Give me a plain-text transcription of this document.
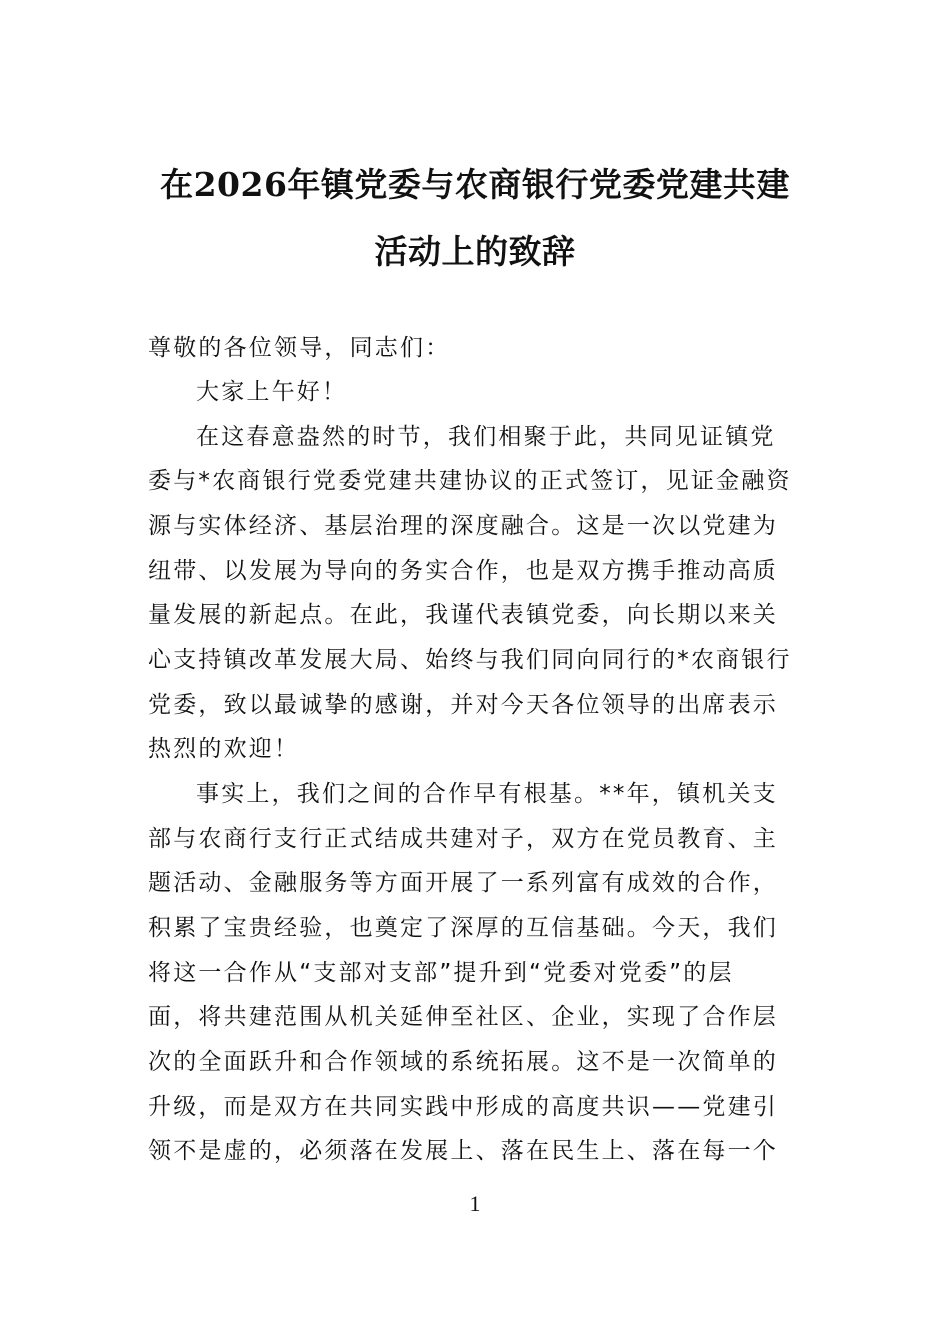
在2026年镇党委与农商银行党委党建共建
活动上的致辞
尊敬的各位领导，同志们：
大家上午好！
在这春意盎然的时节，我们相聚于此，共同见证镇党
委与*农商银行党委党建共建协议的正式签订，见证金融资
源与实体经济、基层治理的深度融合。这是一次以党建为
纽带、以发展为导向的务实合作，也是双方携手推动高质
量发展的新起点。在此，我谨代表镇党委，向长期以来关
心支持镇改革发展大局、始终与我们同向同行的*农商银行
党委，致以最诚挚的感谢，并对今天各位领导的出席表示
热烈的欢迎！
事实上，我们之间的合作早有根基。**年，镇机关支
部与农商行支行正式结成共建对子，双方在党员教育、主
题活动、金融服务等方面开展了一系列富有成效的合作，
积累了宝贵经验，也奠定了深厚的互信基础。今天，我们
将这一合作从“支部对支部”提升到“党委对党委”的层
面，将共建范围从机关延伸至社区、企业，实现了合作层
次的全面跃升和合作领域的系统拓展。这不是一次简单的
升级，而是双方在共同实践中形成的高度共识——党建引
领不是虚的，必须落在发展上、落在民生上、落在每一个
1
